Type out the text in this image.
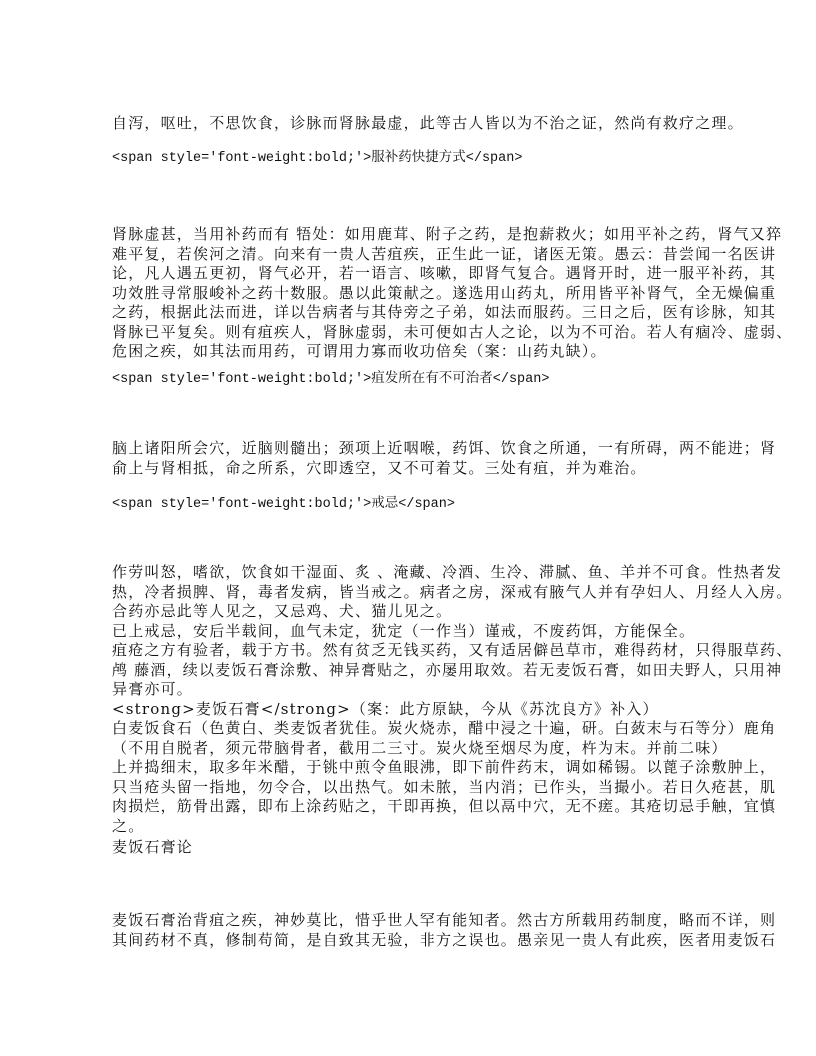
自泻，呕吐，不思饮食，诊脉而肾脉最虚，此等古人皆以为不治之证，然尚有救疗之理。
<span style='font-weight:bold;'>服补药快捷方式</span>
肾脉虚甚，当用补药而有 牾处：如用鹿茸、附子之药，是抱薪救火；如用平补之药，肾气又猝
难平复，若俟河之清。向来有一贵人苦疽疾，正生此一证，诸医无策。愚云：昔尝闻一名医讲
论，凡人遇五更初，肾气必开，若一语言、咳嗽，即肾气复合。遇肾开时，进一服平补药，其
功效胜寻常服峻补之药十数服。愚以此策献之。遂选用山药丸，所用皆平补肾气，全无燥偏重
之药，根据此法而进，详以告病者与其侍旁之子弟，如法而服药。三日之后，医有诊脉，知其
肾脉已平复矣。则有疽疾人，肾脉虚弱，未可便如古人之论，以为不可治。若人有痼冷、虚弱、
危困之疾，如其法而用药，可谓用力寡而收功倍矣（案：山药丸缺）。
<span style='font-weight:bold;'>疽发所在有不可治者</span>
脑上诸阳所会穴，近脑则髓出；颈项上近咽喉，药饵、饮食之所通，一有所碍，两不能进；肾
俞上与肾相抵，命之所系，穴即透空，又不可着艾。三处有疽，并为难治。
<span style='font-weight:bold;'>戒忌</span>
作劳叫怒，嗜欲，饮食如干湿面、炙 、淹藏、冷酒、生冷、滞腻、鱼、羊并不可食。性热者发
热，冷者损脾、肾，毒者发病，皆当戒之。病者之房，深戒有腋气人并有孕妇人、月经人入房。
合药亦忌此等人见之，又忌鸡、犬、猫儿见之。
已上戒忌，安后半载间，血气未定，犹定（一作当）谨戒，不废药饵，方能保全。
疽疮之方有验者，载于方书。然有贫乏无钱买药，又有适居僻邑草市，难得药材，只得服草药、
鸬 藤酒，续以麦饭石膏涂敷、神异膏贴之，亦屡用取效。若无麦饭石膏，如田夫野人，只用神
异膏亦可。
<strong>麦饭石膏</strong>（案：此方原缺，今从《苏沈良方》补入）
白麦饭食石（色黄白、类麦饭者犹佳。炭火烧赤，醋中浸之十遍，研。白蔹末与石等分）鹿角
（不用自脱者，须元带脑骨者，截用二三寸。炭火烧至烟尽为度，杵为末。并前二味）
上并捣细末，取多年米醋，于铫中煎令鱼眼沸，即下前件药末，调如稀锡。以蓖子涂敷肿上，
只当疮头留一指地，勿令合，以出热气。如未脓，当内消；已作头，当撮小。若日久疮甚，肌
肉损烂，筋骨出露，即布上涂药贴之，干即再换，但以鬲中穴，无不瘥。其疮切忌手触，宜慎
之。
麦饭石膏论
麦饭石膏治背疽之疾，神妙莫比，惜乎世人罕有能知者。然古方所载用药制度，略而不详，则
其间药材不真，修制苟简，是自致其无验，非方之误也。愚亲见一贵人有此疾，医者用麦饭石
